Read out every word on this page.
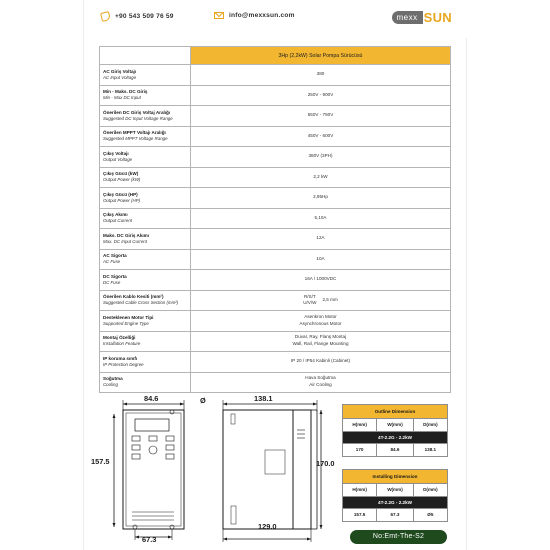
+90 543 509 76 59	info@mexxsun.com	mexx SUN
	3Hp (2,2kW) Solar Pompa Sürücüsü

AC Giriş Voltajı
AC Input Voltage	380

Min - Maks. DC Giriş
Min - Max DC Input	250V - 900V

Önerilen DC Giriş Voltaj Aralığı
Suggested DC Input Voltage Range	550V - 750V

Önerilen MPPT Voltajı Aralığı
Suggested MPPT Voltage Range	450V - 600V

Çıkış Voltajı
Output Voltage	380V (3PH)

Çıkış Gücü (kW)
Output Power (kW)	2,2 kW

Çıkış Gücü (HP)
Output Power (HP)	2,95Hp

Çıkış Akımı
Output Current	5,10A

Maks. DC Giriş Akımı
Max. DC Input Current	12A

AC Sigorta
AC Fuse	10A

DC Sigorta
DC Fuse	16A / 1000VDC

Önerilen Kablo Kesiti (mm²)
Suggested Cable Cross Section (mm²)	R/S/T
U/V/W
2,5 mm

Desteklenen Motor Tipi
Supported Engine Type	Asenkron Motor
Asynchronous Motor

Montaj Özelliği
Installation Feature	Duvar, Ray, Flanş Montaj
Wall, Rail, Flange Mounting

IP koruma sınıfı
IP Protection Degree	IP 20 / IP54 Kabinli (Cabinet)

Soğutma
Cooling	Hava Soğutma
Air Cooling
84.6	Ø
157.5
67.3
138.1
170.0
129.0
Outline Dimension		
H(mm)	W(mm)	D(mm)
4T-2.2G - 2.2kW		
170	84.6	138.1
Installing Dimension		
H(mm)	W(mm)	D(mm)
4T-2.2G - 2.2kW		
157.5	67.3	Ø5
No:Emt-The-S2
